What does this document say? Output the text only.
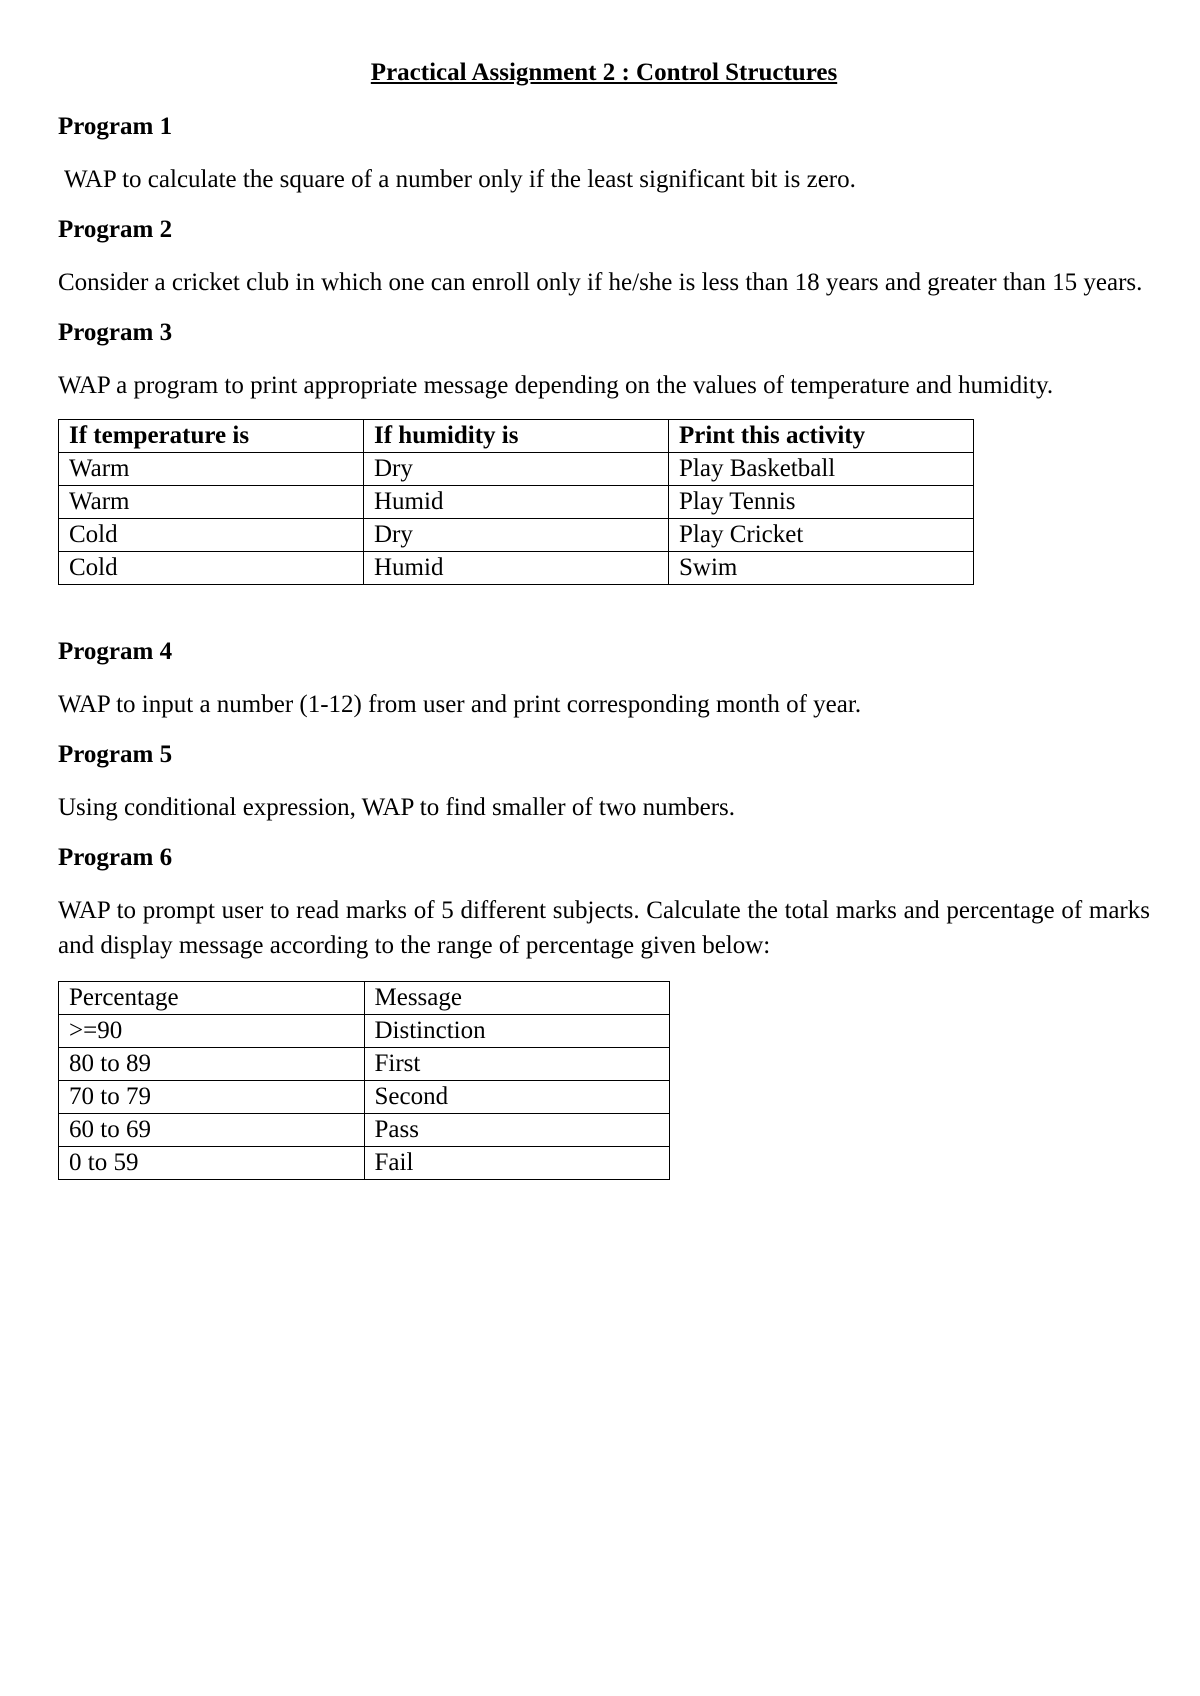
Practical Assignment 2 : Control Structures

Program 1

WAP to calculate the square of a number only if the least significant bit is zero.

Program 2

Consider a cricket club in which one can enroll only if he/she is less than 18 years and greater than 15 years.

Program 3

WAP a program to print appropriate message depending on the values of temperature and humidity.

If temperature is	If humidity is	Print this activity
Warm	Dry	Play Basketball
Warm	Humid	Play Tennis
Cold	Dry	Play Cricket
Cold	Humid	Swim

Program 4

WAP to input a number (1-12) from user and print corresponding month of year.

Program 5

Using conditional expression, WAP to find smaller of two numbers.

Program 6

WAP to prompt user to read marks of 5 different subjects. Calculate the total marks and percentage of marks and display message according to the range of percentage given below:

Percentage	Message
>=90	Distinction
80 to 89	First
70 to 79	Second
60 to 69	Pass
0 to 59	Fail
